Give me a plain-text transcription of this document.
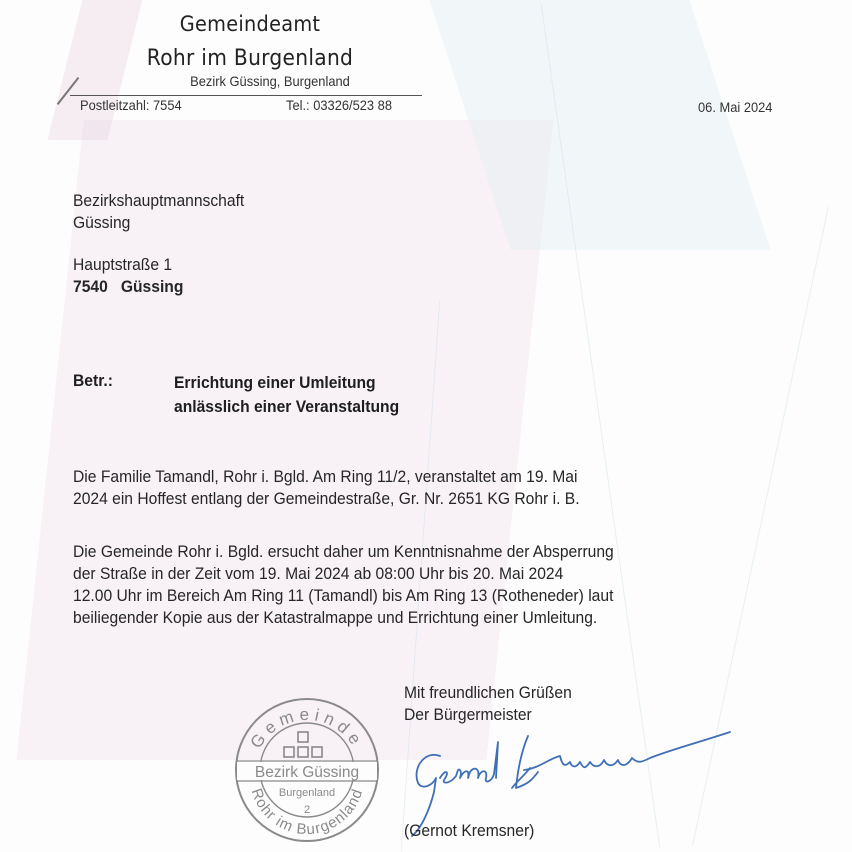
Gemeindeamt
Rohr im Burgenland
Bezirk Güssing, Burgenland
Postleitzahl: 7554	Tel.: 03326/523 88	06. Mai 2024
Bezirkshauptmannschaft
Güssing
Hauptstraße 1
7540 Güssing
Betr.:	Errichtung einer Umleitung
anlässlich einer Veranstaltung
Die Familie Tamandl, Rohr i. Bgld. Am Ring 11/2, veranstaltet am 19. Mai
2024 ein Hoffest entlang der Gemeindestraße, Gr. Nr. 2651 KG Rohr i. B.
Die Gemeinde Rohr i. Bgld. ersucht daher um Kenntnisnahme der Absperrung
der Straße in der Zeit vom 19. Mai 2024 ab 08:00 Uhr bis 20. Mai 2024
12.00 Uhr im Bereich Am Ring 11 (Tamandl) bis Am Ring 13 (Rotheneder) laut
beiliegender Kopie aus der Katastralmappe und Errichtung einer Umleitung.
Mit freundlichen Grüßen
Der Bürgermeister
Gemeinde
Bezirk Güssing
Burgenland
2
Rohr im Burgenland
(Gernot Kremsner)
